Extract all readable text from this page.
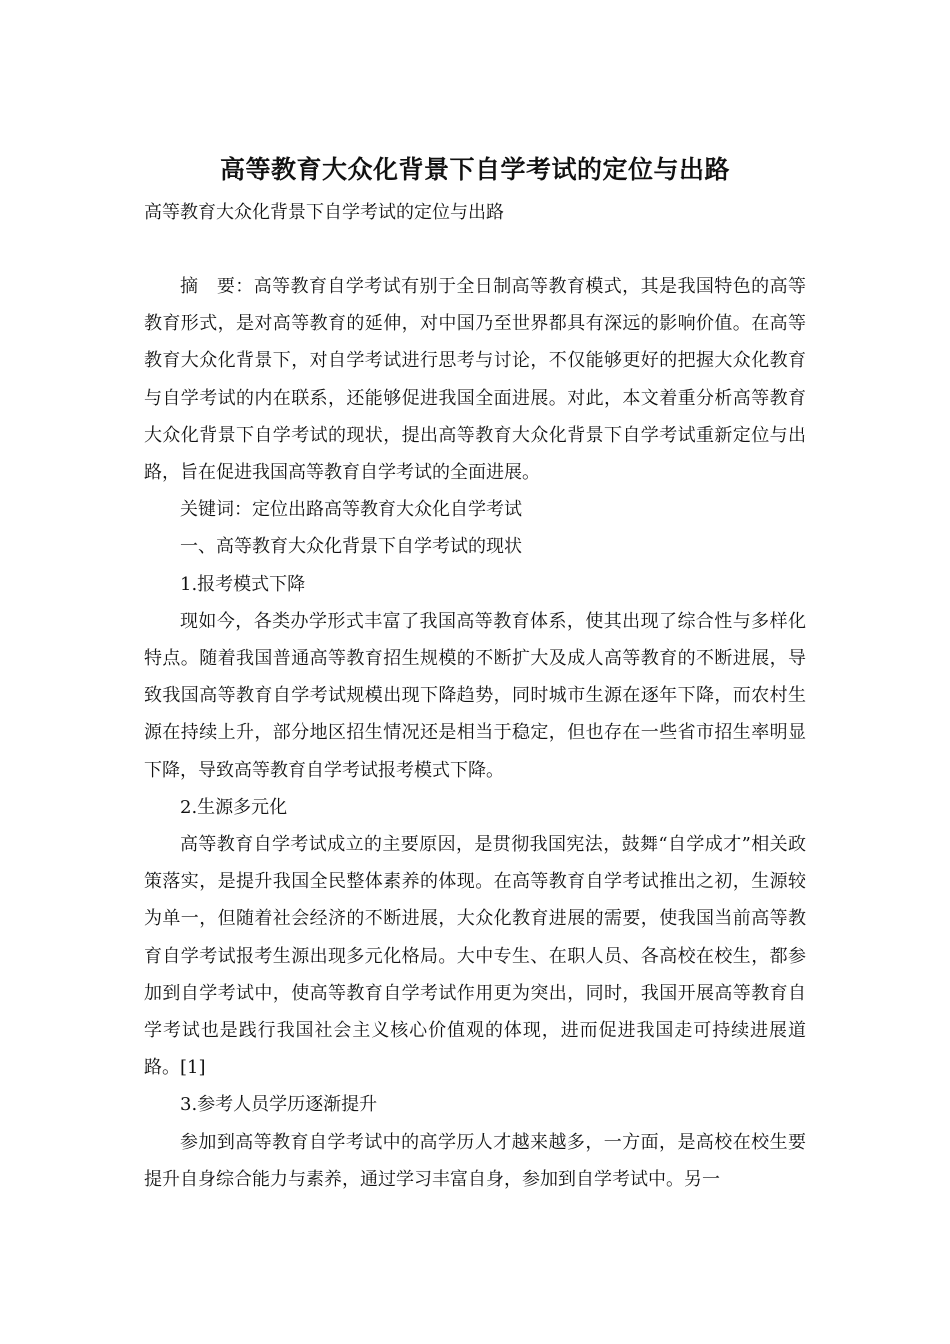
高等教育大众化背景下自学考试的定位与出路
高等教育大众化背景下自学考试的定位与出路

摘　要：高等教育自学考试有别于全日制高等教育模式，其是我国特色的高等教育形式，是对高等教育的延伸，对中国乃至世界都具有深远的影响价值。在高等教育大众化背景下，对自学考试进行思考与讨论，不仅能够更好的把握大众化教育与自学考试的内在联系，还能够促进我国全面进展。对此，本文着重分析高等教育大众化背景下自学考试的现状，提出高等教育大众化背景下自学考试重新定位与出路，旨在促进我国高等教育自学考试的全面进展。

关键词：定位出路高等教育大众化自学考试

一、高等教育大众化背景下自学考试的现状

1.报考模式下降

现如今，各类办学形式丰富了我国高等教育体系，使其出现了综合性与多样化特点。随着我国普通高等教育招生规模的不断扩大及成人高等教育的不断进展，导致我国高等教育自学考试规模出现下降趋势，同时城市生源在逐年下降，而农村生源在持续上升，部分地区招生情况还是相当于稳定，但也存在一些省市招生率明显下降，导致高等教育自学考试报考模式下降。

2.生源多元化

高等教育自学考试成立的主要原因，是贯彻我国宪法，鼓舞“自学成才”相关政策落实，是提升我国全民整体素养的体现。在高等教育自学考试推出之初，生源较为单一，但随着社会经济的不断进展，大众化教育进展的需要，使我国当前高等教育自学考试报考生源出现多元化格局。大中专生、在职人员、各高校在校生，都参加到自学考试中，使高等教育自学考试作用更为突出，同时，我国开展高等教育自学考试也是践行我国社会主义核心价值观的体现，进而促进我国走可持续进展道路。[1]

3.参考人员学历逐渐提升

参加到高等教育自学考试中的高学历人才越来越多，一方面，是高校在校生要提升自身综合能力与素养，通过学习丰富自身，参加到自学考试中。另一
